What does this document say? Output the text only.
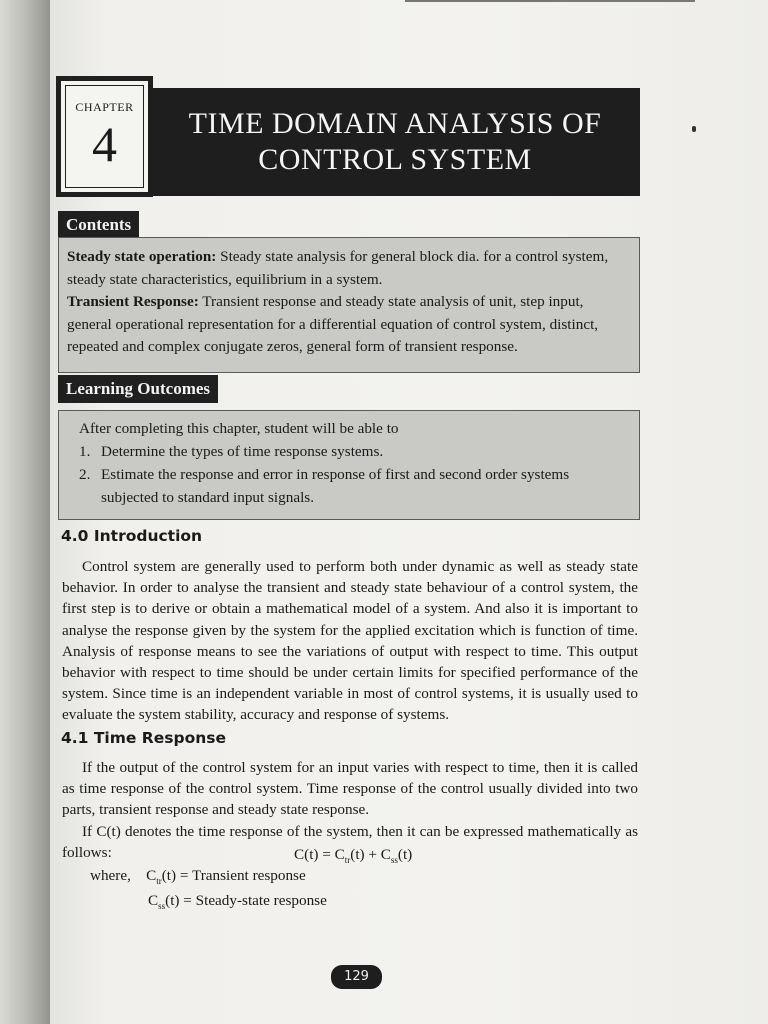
CHAPTER
4	TIME DOMAIN ANALYSIS OF
CONTROL SYSTEM
Contents
Steady state operation: Steady state analysis for general block dia. for a control system, steady state characteristics, equilibrium in a system.
Transient Response: Transient response and steady state analysis of unit, step input, general operational representation for a differential equation of control system, distinct, repeated and complex conjugate zeros, general form of transient response.
Learning Outcomes
After completing this chapter, student will be able to
1. Determine the types of time response systems.
2. Estimate the response and error in response of first and second order systems subjected to standard input signals.
4.0 Introduction

Control system are generally used to perform both under dynamic as well as steady state behavior. In order to analyse the transient and steady state behaviour of a control system, the first step is to derive or obtain a mathematical model of a system. And also it is important to analyse the response given by the system for the applied excitation which is function of time. Analysis of response means to see the variations of output with respect to time. This output behavior with respect to time should be under certain limits for specified performance of the system. Since time is an independent variable in most of control systems, it is usually used to evaluate the system stability, accuracy and response of systems.

4.1 Time Response

If the output of the control system for an input varies with respect to time, then it is called as time response of the control system. Time response of the control usually divided into two parts, transient response and steady state response.

If C(t) denotes the time response of the system, then it can be expressed mathematically as follows:	$C(t) = C_{tr}(t) + C_{ss}(t)$
where, $C_{tr}(t)$ = Transient response
$C_{ss}(t)$ = Steady-state response
129
